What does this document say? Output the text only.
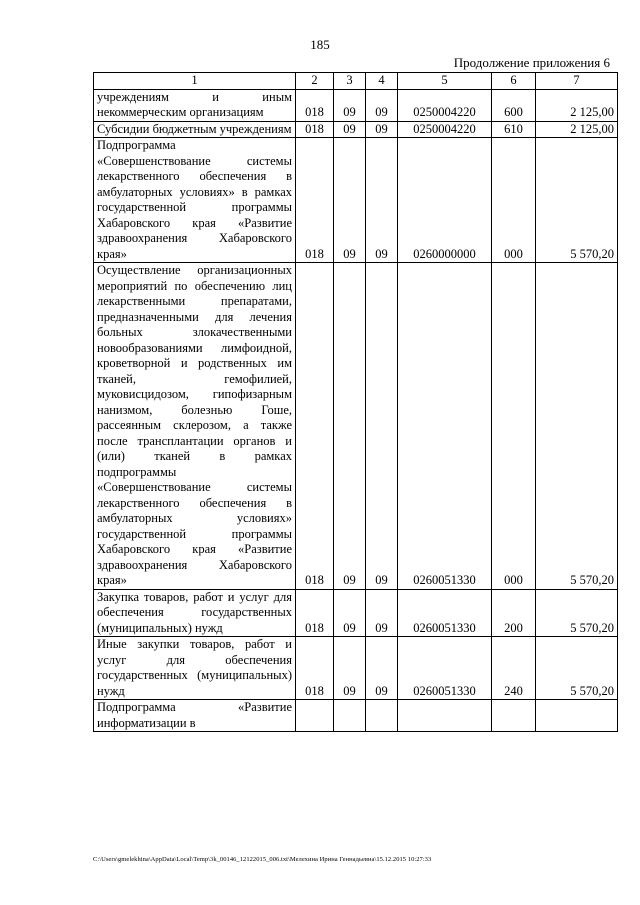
185
Продолжение приложения 6
1	2	3	4	5	6	7
учреждениям и иным некоммерческим организациям	018	09	09	0250004220	600	2 125,00
Субсидии бюджетным учреждениям	018	09	09	0250004220	610	2 125,00
Подпрограмма «Совершенствование системы лекарственного обеспечения в амбулаторных условиях» в рамках государственной программы Хабаровского края «Развитие здравоохранения Хабаровского края»	018	09	09	0260000000	000	5 570,20
Осуществление организационных мероприятий по обеспечению лиц лекарственными препаратами, предназначенными для лечения больных злокачественными новообразованиями лимфоидной, кроветворной и родственных им тканей, гемофилией, муковисцидозом, гипофизарным нанизмом, болезнью Гоше, рассеянным склерозом, а также после трансплантации органов и (или) тканей в рамках подпрограммы «Совершенствование системы лекарственного обеспечения в амбулаторных условиях» государственной программы Хабаровского края «Развитие здравоохранения Хабаровского края»	018	09	09	0260051330	000	5 570,20
Закупка товаров, работ и услуг для обеспечения государственных (муниципальных) нужд	018	09	09	0260051330	200	5 570,20
Иные закупки товаров, работ и услуг для обеспечения государственных (муниципальных) нужд	018	09	09	0260051330	240	5 570,20
Подпрограмма «Развитие информатизации в						
C:\Users\gmelekhina\AppData\Local\Temp\3k_00146_12122015_006.txt\Мелехина Ирина Геннадьевна\15.12.2015 10:27:33
